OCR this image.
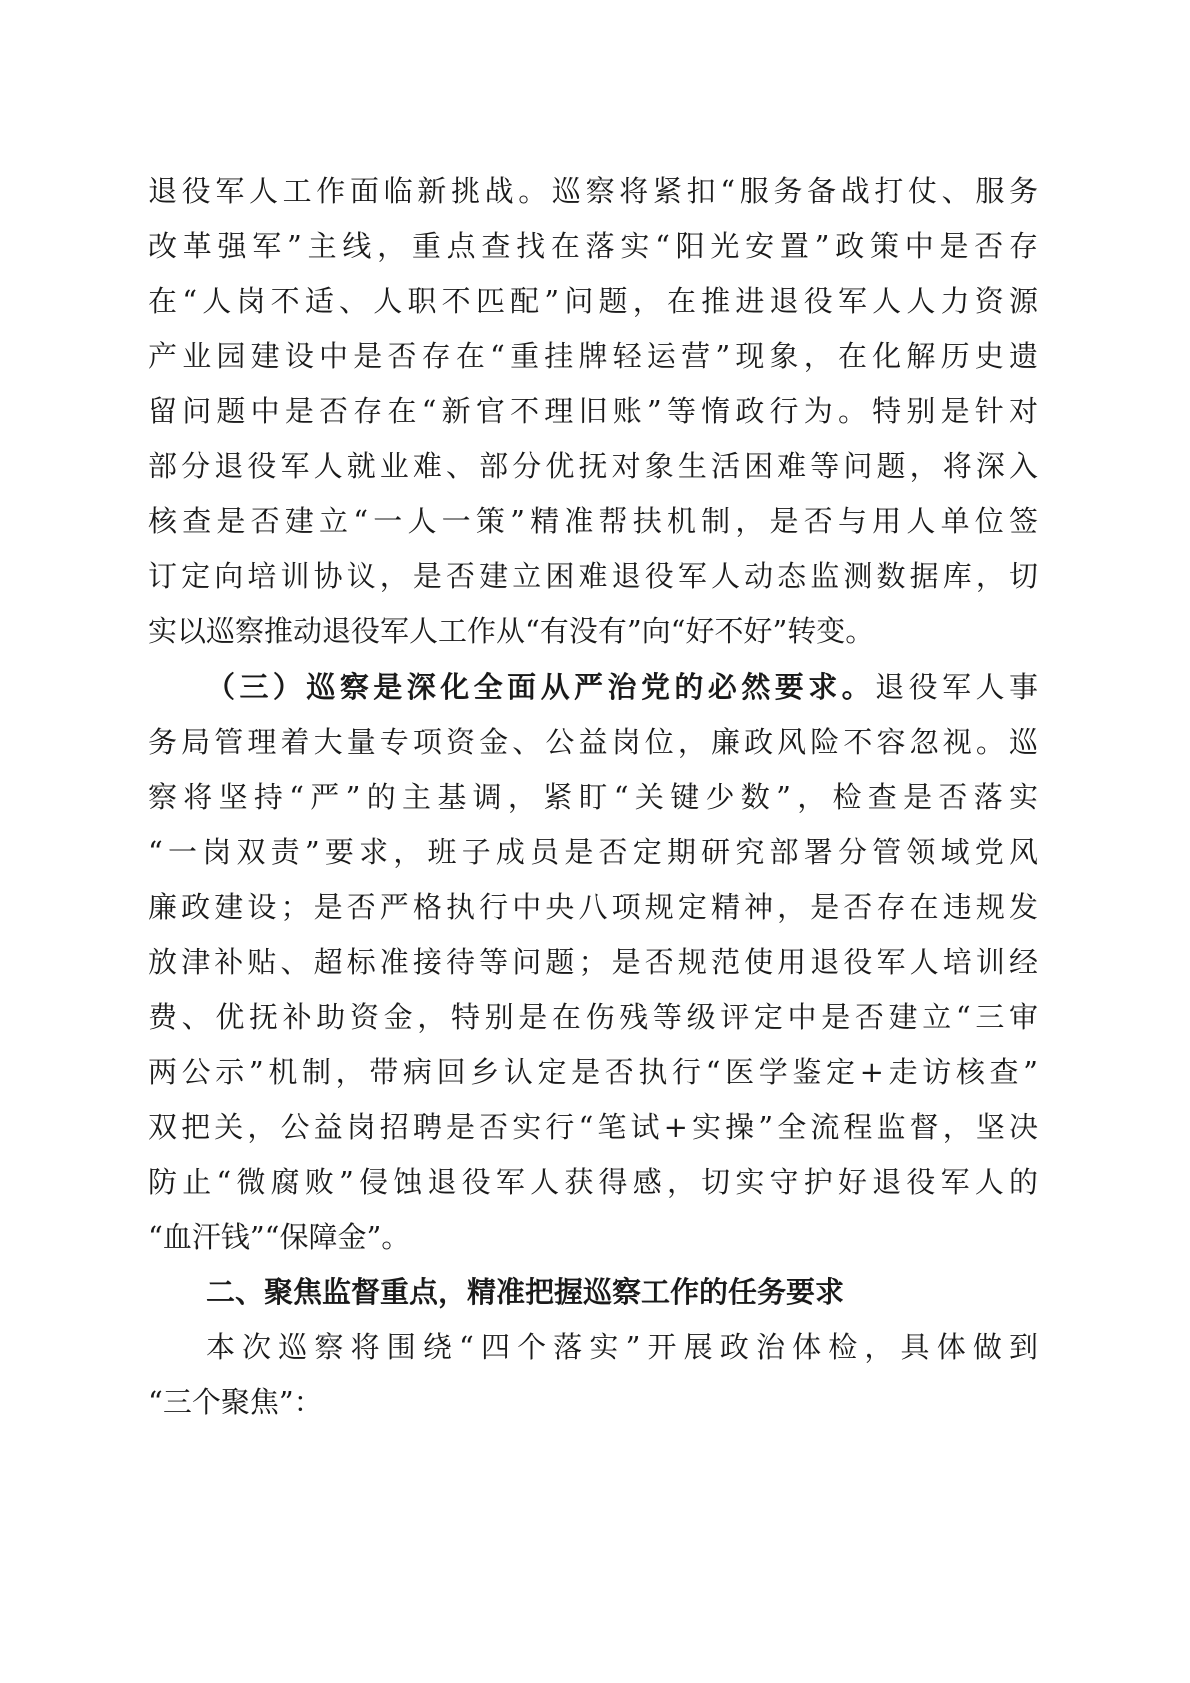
退役军人工作面临新挑战。巡察将紧扣“服务备战打仗、服务
改革强军”主线，重点查找在落实“阳光安置”政策中是否存
在“人岗不适、人职不匹配”问题，在推进退役军人人力资源
产业园建设中是否存在“重挂牌轻运营”现象，在化解历史遗
留问题中是否存在“新官不理旧账”等惰政行为。特别是针对
部分退役军人就业难、部分优抚对象生活困难等问题，将深入
核查是否建立“一人一策”精准帮扶机制，是否与用人单位签
订定向培训协议，是否建立困难退役军人动态监测数据库，切
实以巡察推动退役军人工作从“有没有”向“好不好”转变。
（三）巡察是深化全面从严治党的必然要求。退役军人事
务局管理着大量专项资金、公益岗位，廉政风险不容忽视。巡
察将坚持“严”的主基调，紧盯“关键少数”，检查是否落实
“一岗双责”要求，班子成员是否定期研究部署分管领域党风
廉政建设；是否严格执行中央八项规定精神，是否存在违规发
放津补贴、超标准接待等问题；是否规范使用退役军人培训经
费、优抚补助资金，特别是在伤残等级评定中是否建立“三审
两公示”机制，带病回乡认定是否执行“医学鉴定+走访核查”
双把关，公益岗招聘是否实行“笔试+实操”全流程监督，坚决
防止“微腐败”侵蚀退役军人获得感，切实守护好退役军人的
“血汗钱”“保障金”。
二、聚焦监督重点，精准把握巡察工作的任务要求
本次巡察将围绕“四个落实”开展政治体检，具体做到
“三个聚焦”：
